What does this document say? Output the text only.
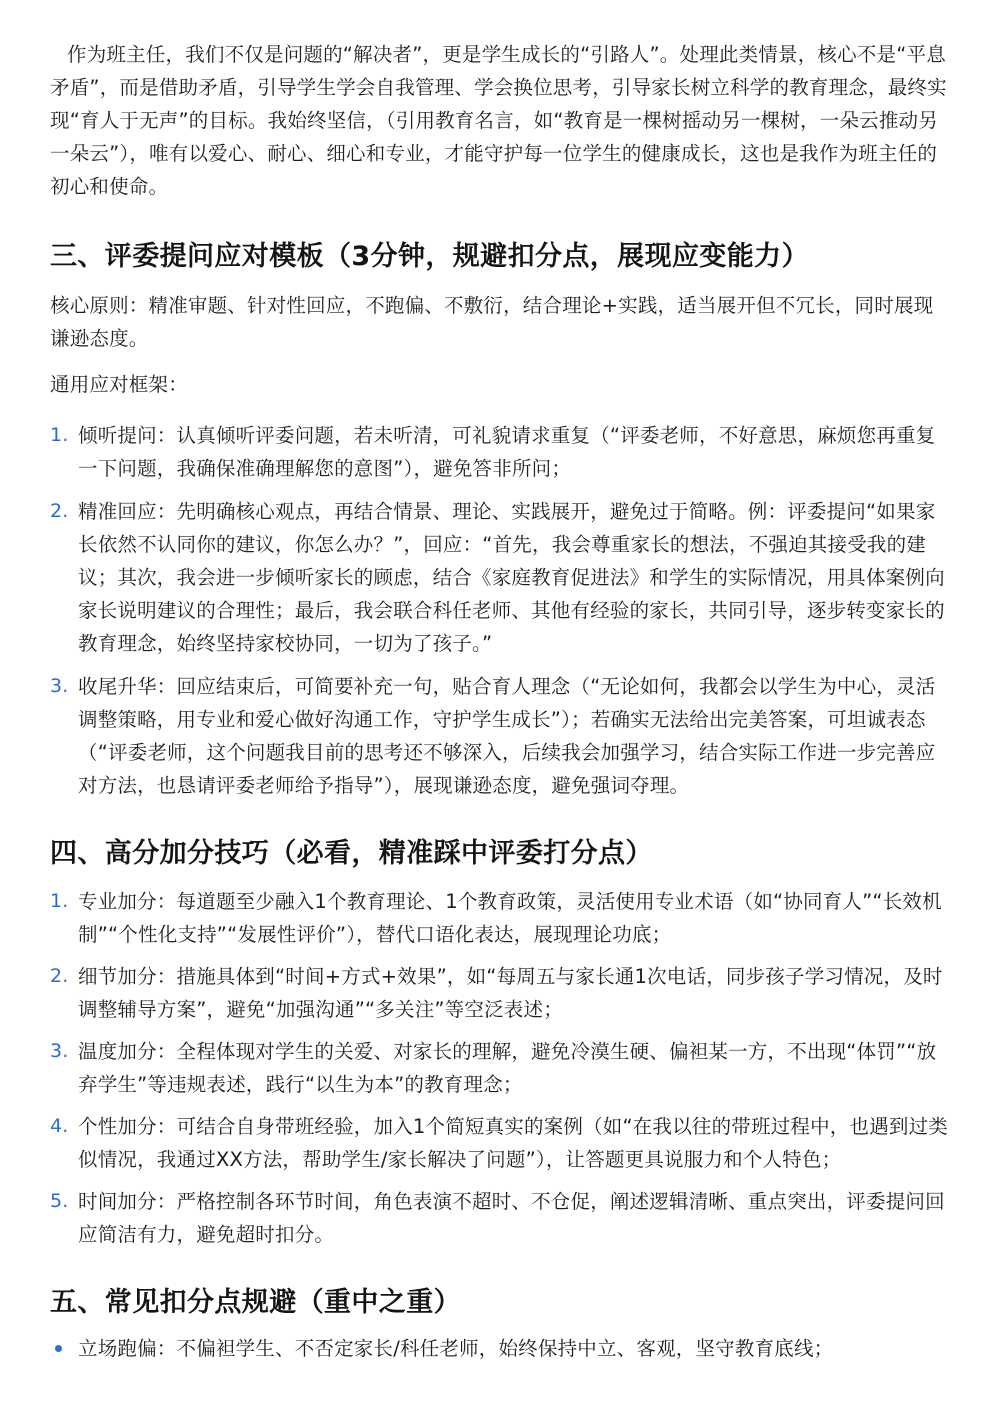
作为班主任，我们不仅是问题的“解决者”，更是学生成长的“引路人”。处理此类情景，核心不是“平息矛盾”，而是借助矛盾，引导学生学会自我管理、学会换位思考，引导家长树立科学的教育理念，最终实现“育人于无声”的目标。我始终坚信，（引用教育名言，如“教育是一棵树摇动另一棵树，一朵云推动另一朵云”），唯有以爱心、耐心、细心和专业，才能守护每一位学生的健康成长，这也是我作为班主任的初心和使命。

三、评委提问应对模板（3分钟，规避扣分点，展现应变能力）

核心原则：精准审题、针对性回应，不跑偏、不敷衍，结合理论+实践，适当展开但不冗长，同时展现谦逊态度。

通用应对框架：

1. 倾听提问：认真倾听评委问题，若未听清，可礼貌请求重复（“评委老师，不好意思，麻烦您再重复一下问题，我确保准确理解您的意图”），避免答非所问；
2. 精准回应：先明确核心观点，再结合情景、理论、实践展开，避免过于简略。例：评委提问“如果家长依然不认同你的建议，你怎么办？”，回应：“首先，我会尊重家长的想法，不强迫其接受我的建议；其次，我会进一步倾听家长的顾虑，结合《家庭教育促进法》和学生的实际情况，用具体案例向家长说明建议的合理性；最后，我会联合科任老师、其他有经验的家长，共同引导，逐步转变家长的教育理念，始终坚持家校协同，一切为了孩子。”
3. 收尾升华：回应结束后，可简要补充一句，贴合育人理念（“无论如何，我都会以学生为中心，灵活调整策略，用专业和爱心做好沟通工作，守护学生成长”）；若确实无法给出完美答案，可坦诚表态（“评委老师，这个问题我目前的思考还不够深入，后续我会加强学习，结合实际工作进一步完善应对方法，也恳请评委老师给予指导”），展现谦逊态度，避免强词夺理。
四、高分加分技巧（必看，精准踩中评委打分点）
1. 专业加分：每道题至少融入1个教育理论、1个教育政策，灵活使用专业术语（如“协同育人”“长效机制”“个性化支持”“发展性评价”），替代口语化表达，展现理论功底；
2. 细节加分：措施具体到“时间+方式+效果”，如“每周五与家长通1次电话，同步孩子学习情况，及时调整辅导方案”，避免“加强沟通”“多关注”等空泛表述；
3. 温度加分：全程体现对学生的关爱、对家长的理解，避免冷漠生硬、偏袒某一方，不出现“体罚”“放弃学生”等违规表述，践行“以生为本”的教育理念；
4. 个性加分：可结合自身带班经验，加入1个简短真实的案例（如“在我以往的带班过程中，也遇到过类似情况，我通过XX方法，帮助学生/家长解决了问题”），让答题更具说服力和个人特色；
5. 时间加分：严格控制各环节时间，角色表演不超时、不仓促，阐述逻辑清晰、重点突出，评委提问回应简洁有力，避免超时扣分。
五、常见扣分点规避（重中之重）
立场跑偏：不偏袒学生、不否定家长/科任老师，始终保持中立、客观，坚守教育底线；
